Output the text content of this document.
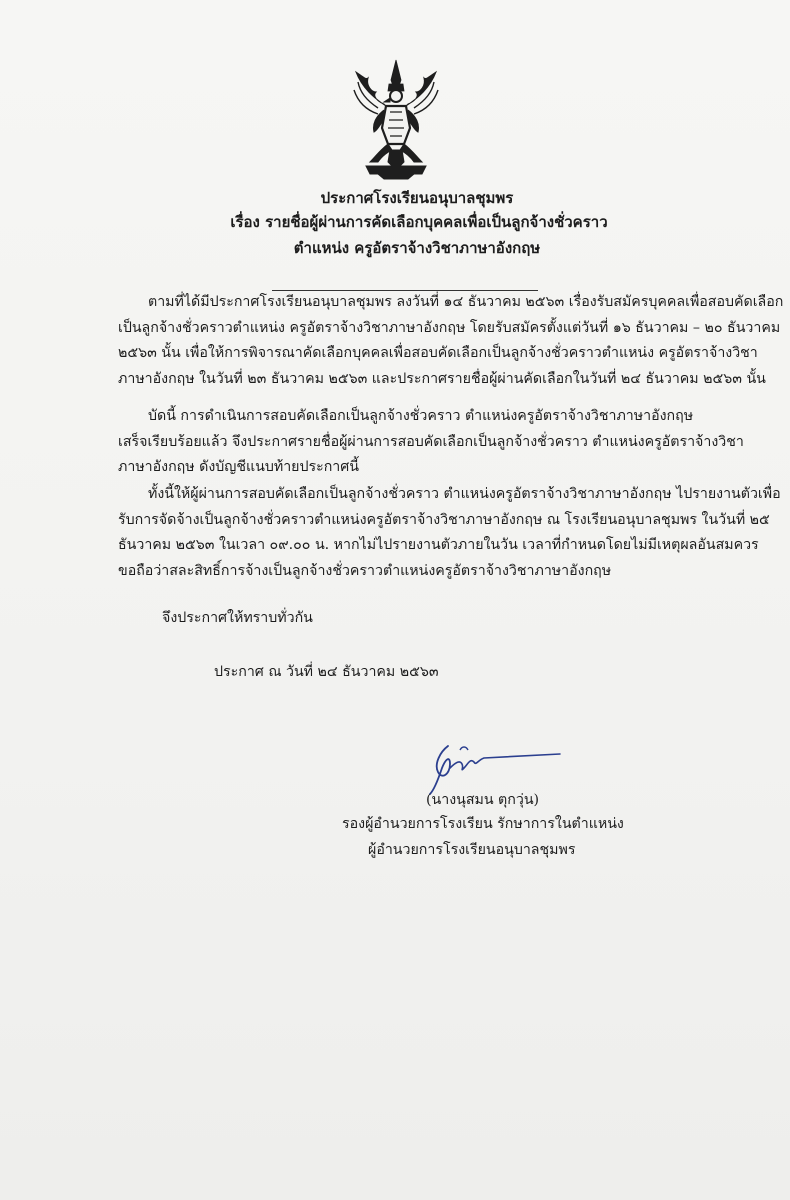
ประกาศโรงเรียนอนุบาลชุมพร
เรื่อง รายชื่อผู้ผ่านการคัดเลือกบุคคลเพื่อเป็นลูกจ้างชั่วคราว
ตำแหน่ง ครูอัตราจ้างวิชาภาษาอังกฤษ
ตามที่ได้มีประกาศโรงเรียนอนุบาลชุมพร ลงวันที่ ๑๔ ธันวาคม ๒๕๖๓ เรื่องรับสมัครบุคคลเพื่อสอบคัดเลือก
เป็นลูกจ้างชั่วคราวตำแหน่ง ครูอัตราจ้างวิชาภาษาอังกฤษ โดยรับสมัครตั้งแต่วันที่ ๑๖ ธันวาคม – ๒๐ ธันวาคม
๒๕๖๓ นั้น เพื่อให้การพิจารณาคัดเลือกบุคคลเพื่อสอบคัดเลือกเป็นลูกจ้างชั่วคราวตำแหน่ง ครูอัตราจ้างวิชา
ภาษาอังกฤษ ในวันที่ ๒๓ ธันวาคม ๒๕๖๓ และประกาศรายชื่อผู้ผ่านคัดเลือกในวันที่ ๒๔ ธันวาคม ๒๕๖๓ นั้น
บัดนี้ การดำเนินการสอบคัดเลือกเป็นลูกจ้างชั่วคราว ตำแหน่งครูอัตราจ้างวิชาภาษาอังกฤษ
เสร็จเรียบร้อยแล้ว จึงประกาศรายชื่อผู้ผ่านการสอบคัดเลือกเป็นลูกจ้างชั่วคราว ตำแหน่งครูอัตราจ้างวิชา
ภาษาอังกฤษ ดังบัญชีแนบท้ายประกาศนี้
ทั้งนี้ให้ผู้ผ่านการสอบคัดเลือกเป็นลูกจ้างชั่วคราว ตำแหน่งครูอัตราจ้างวิชาภาษาอังกฤษ ไปรายงานตัวเพื่อ
รับการจัดจ้างเป็นลูกจ้างชั่วคราวตำแหน่งครูอัตราจ้างวิชาภาษาอังกฤษ ณ โรงเรียนอนุบาลชุมพร ในวันที่ ๒๕
ธันวาคม ๒๕๖๓ ในเวลา ๐๙.๐๐ น. หากไม่ไปรายงานตัวภายในวัน เวลาที่กำหนดโดยไม่มีเหตุผลอันสมควร
ขอถือว่าสละสิทธิ์การจ้างเป็นลูกจ้างชั่วคราวตำแหน่งครูอัตราจ้างวิชาภาษาอังกฤษ
จึงประกาศให้ทราบทั่วกัน
ประกาศ ณ วันที่ ๒๔ ธันวาคม ๒๕๖๓
(นางนุสมน ตุกวุ่น)
รองผู้อำนวยการโรงเรียน รักษาการในตำแหน่ง
ผู้อำนวยการโรงเรียนอนุบาลชุมพร
